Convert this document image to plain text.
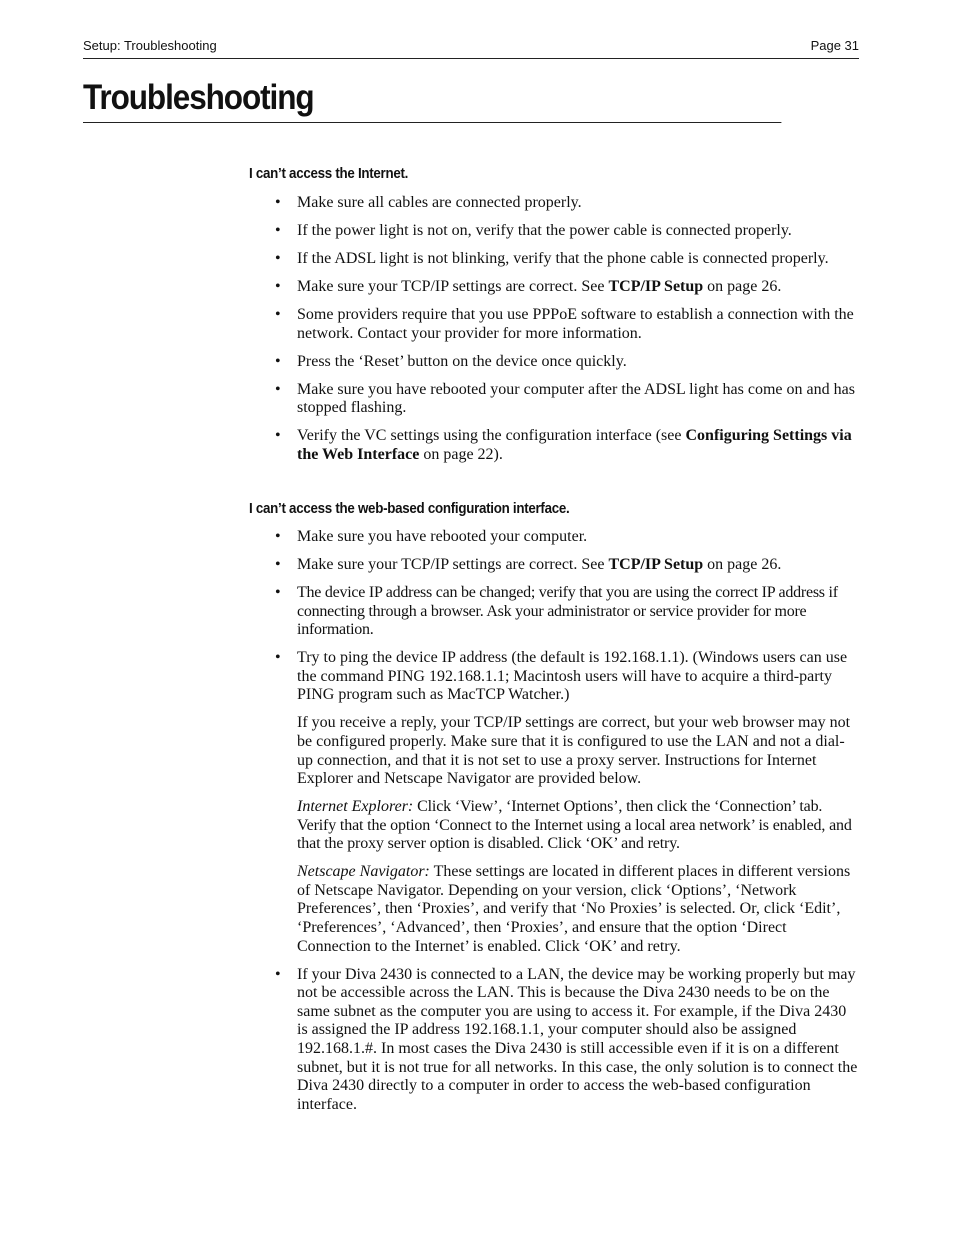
Setup: Troubleshooting	Page 31
Troubleshooting
I can’t access the Internet.
• Make sure all cables are connected properly.
• If the power light is not on, verify that the power cable is connected properly.
• If the ADSL light is not blinking, verify that the phone cable is connected properly.
• Make sure your TCP/IP settings are correct. See TCP/IP Setup on page 26.
• Some providers require that you use PPPoE software to establish a connection with the network. Contact your provider for more information.
• Press the ‘Reset’ button on the device once quickly.
• Make sure you have rebooted your computer after the ADSL light has come on and has stopped flashing.
• Verify the VC settings using the configuration interface (see Configuring Settings via the Web Interface on page 22).
I can’t access the web-based configuration interface.
• Make sure you have rebooted your computer.
• Make sure your TCP/IP settings are correct. See TCP/IP Setup on page 26.
• The device IP address can be changed; verify that you are using the correct IP address if connecting through a browser. Ask your administrator or service provider for more information.
• Try to ping the device IP address (the default is 192.168.1.1). (Windows users can use the command PING 192.168.1.1; Macintosh users will have to acquire a third-party PING program such as MacTCP Watcher.)
If you receive a reply, your TCP/IP settings are correct, but your web browser may not be configured properly. Make sure that it is configured to use the LAN and not a dial-up connection, and that it is not set to use a proxy server. Instructions for Internet Explorer and Netscape Navigator are provided below.
Internet Explorer: Click ‘View’, ‘Internet Options’, then click the ‘Connection’ tab. Verify that the option ‘Connect to the Internet using a local area network’ is enabled, and that the proxy server option is disabled. Click ‘OK’ and retry.
Netscape Navigator: These settings are located in different places in different versions of Netscape Navigator. Depending on your version, click ‘Options’, ‘Network Preferences’, then ‘Proxies’, and verify that ‘No Proxies’ is selected. Or, click ‘Edit’, ‘Preferences’, ‘Advanced’, then ‘Proxies’, and ensure that the option ‘Direct Connection to the Internet’ is enabled. Click ‘OK’ and retry.
• If your Diva 2430 is connected to a LAN, the device may be working properly but may not be accessible across the LAN. This is because the Diva 2430 needs to be on the same subnet as the computer you are using to access it. For example, if the Diva 2430 is assigned the IP address 192.168.1.1, your computer should also be assigned 192.168.1.#. In most cases the Diva 2430 is still accessible even if it is on a different subnet, but it is not true for all networks. In this case, the only solution is to connect the Diva 2430 directly to a computer in order to access the web-based configuration interface.
